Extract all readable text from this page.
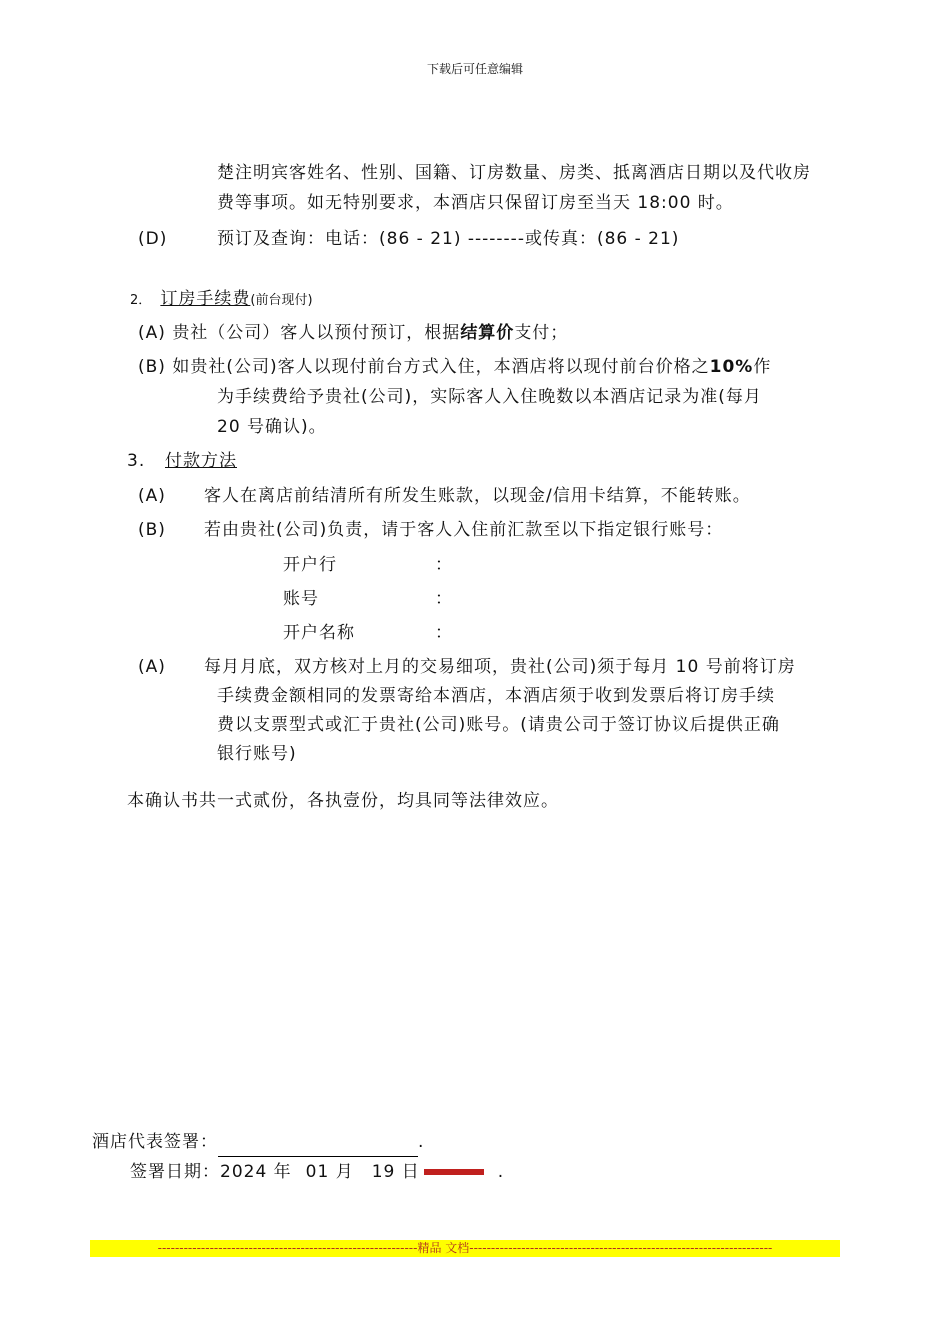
下载后可任意编辑
楚注明宾客姓名、性别、国籍、订房数量、房类、抵离酒店日期以及代收房
费等事项。如无特别要求，本酒店只保留订房至当天 18:00 时。
(D)	预订及查询：电话：(86 - 21) --------或传真：(86 - 21)
2． 订房手续费(前台现付)
(A) 贵社（公司）客人以预付预订，根据结算价支付；
(B) 如贵社(公司)客人以现付前台方式入住，本酒店将以现付前台价格之10%作
为手续费给予贵社(公司)，实际客人入住晚数以本酒店记录为准(每月
20 号确认)。
3. 付款方法
(A) 客人在离店前结清所有所发生账款，以现金/信用卡结算，不能转账。
(B) 若由贵社(公司)负责，请于客人入住前汇款至以下指定银行账号：
开户行	：
账号	：
开户名称	：
(A) 每月月底，双方核对上月的交易细项，贵社(公司)须于每月 10 号前将订房
手续费金额相同的发票寄给本酒店，本酒店须于收到发票后将订房手续
费以支票型式或汇于贵社(公司)账号。(请贵公司于签订协议后提供正确
银行账号)
本确认书共一式贰份，各执壹份，均具同等法律效应。
酒店代表签署：	.
签署日期：2024 年 01 月 19 日	.
------------------------------------------------------------精品 文档----------------------------------------------------------------------
